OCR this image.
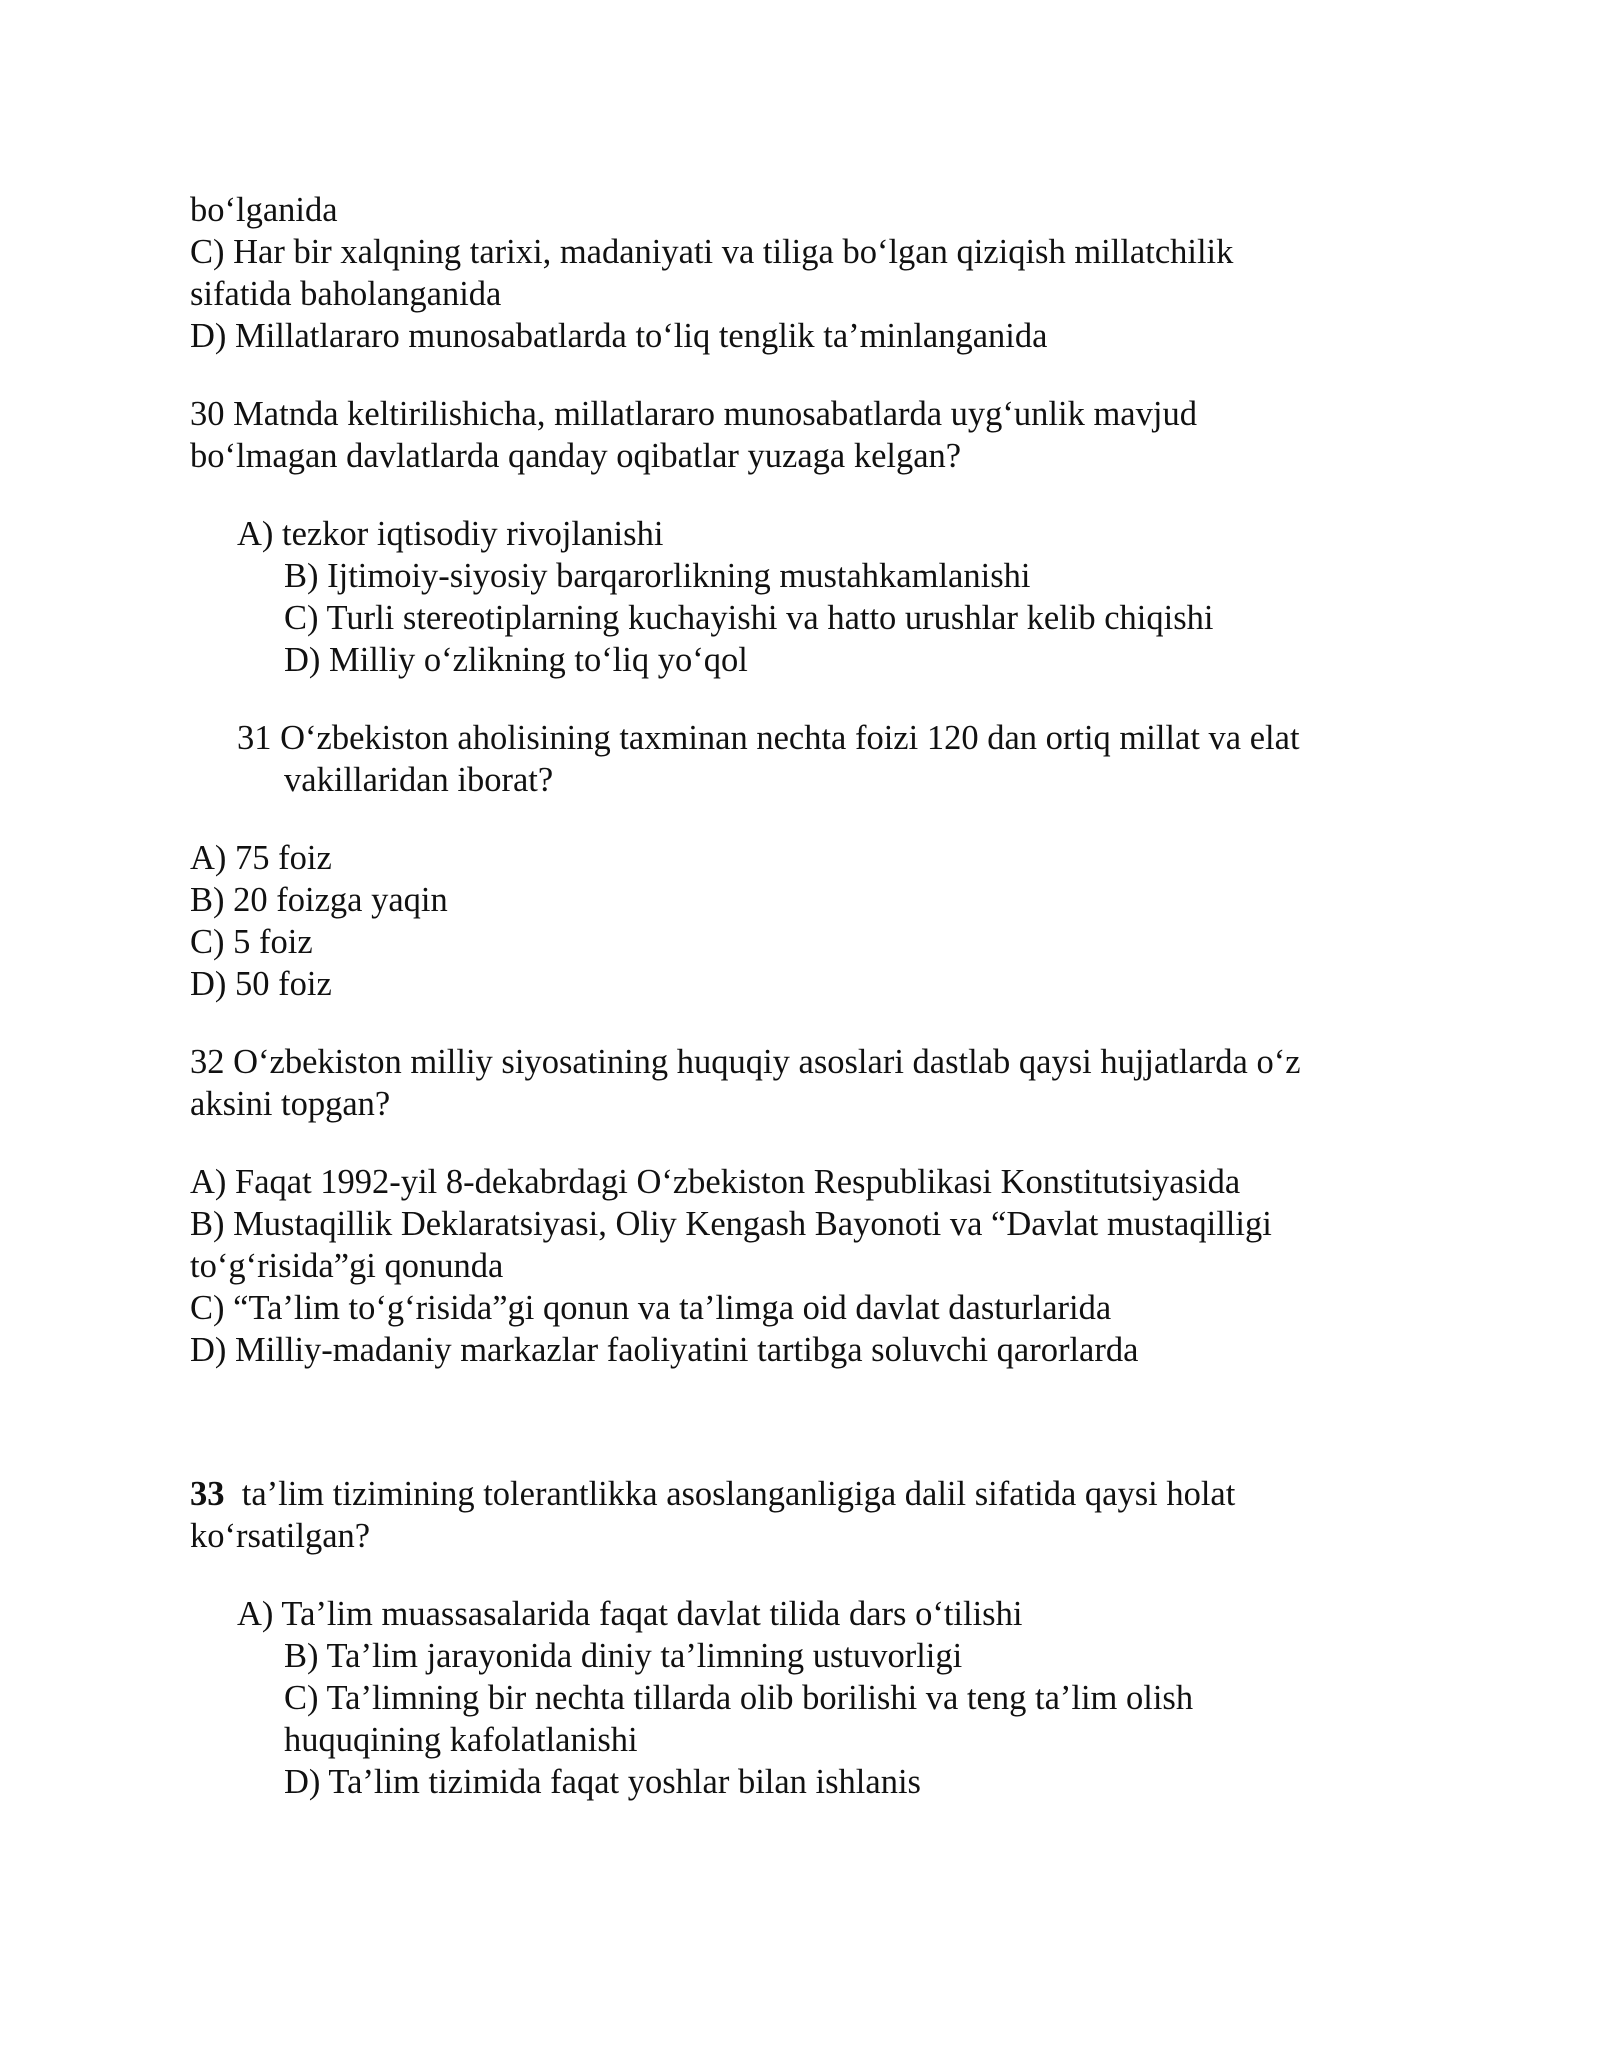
bo‘lganida
C) Har bir xalqning tarixi, madaniyati va tiliga bo‘lgan qiziqish millatchilik
sifatida baholanganida
D) Millatlararo munosabatlarda to‘liq tenglik ta’minlanganida
30 Matnda keltirilishicha, millatlararo munosabatlarda uyg‘unlik mavjud
bo‘lmagan davlatlarda qanday oqibatlar yuzaga kelgan?
A) tezkor iqtisodiy rivojlanishi
B) Ijtimoiy-siyosiy barqarorlikning mustahkamlanishi
C) Turli stereotiplarning kuchayishi va hatto urushlar kelib chiqishi
D) Milliy o‘zlikning to‘liq yo‘qol
31 O‘zbekiston aholisining taxminan nechta foizi 120 dan ortiq millat va elat
vakillaridan iborat?
A) 75 foiz
B) 20 foizga yaqin
C) 5 foiz
D) 50 foiz
32 O‘zbekiston milliy siyosatining huquqiy asoslari dastlab qaysi hujjatlarda o‘z
aksini topgan?
A) Faqat 1992-yil 8-dekabrdagi O‘zbekiston Respublikasi Konstitutsiyasida
B) Mustaqillik Deklaratsiyasi, Oliy Kengash Bayonoti va “Davlat mustaqilligi
to‘g‘risida”gi qonunda
C) “Ta’lim to‘g‘risida”gi qonun va ta’limga oid davlat dasturlarida
D) Milliy-madaniy markazlar faoliyatini tartibga soluvchi qarorlarda
33  ta’lim tizimining tolerantlikka asoslanganligiga dalil sifatida qaysi holat
ko‘rsatilgan?
A) Ta’lim muassasalarida faqat davlat tilida dars o‘tilishi
B) Ta’lim jarayonida diniy ta’limning ustuvorligi
C) Ta’limning bir nechta tillarda olib borilishi va teng ta’lim olish
huquqining kafolatlanishi
D) Ta’lim tizimida faqat yoshlar bilan ishlanis
